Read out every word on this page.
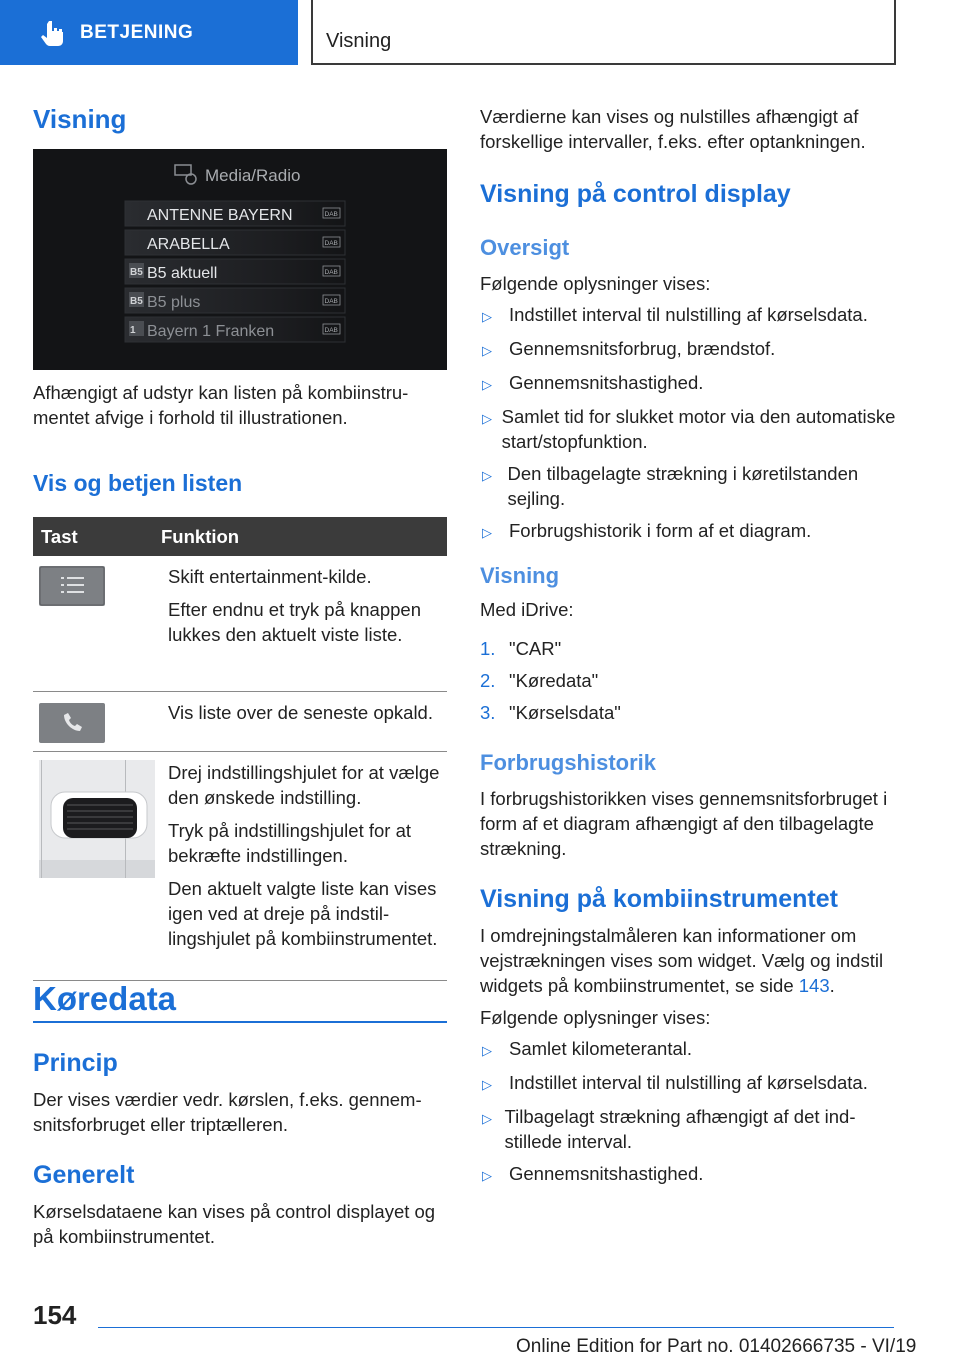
BETJENING	Visning
Visning
Media/Radio
ANTENNE BAYERN	DAB
ARABELLA	DAB
B5 B5 aktuell	DAB
B5 B5 plus	DAB
1 Bayern 1 Franken	DAB
Afhængigt af udstyr kan listen på kombiinstrumentet afvige i forhold til illustrationen.
Vis og betjen listen
Tast	Funktion
Skift entertainment-kilde.
Efter endnu et tryk på knappen lukkes den aktuelt viste liste.
Vis liste over de seneste opkald.
Drej indstillingshjulet for at vælge den ønskede indstilling.
Tryk på indstillingshjulet for at bekræfte indstillingen.
Den aktuelt valgte liste kan vises igen ved at dreje på indstillingshjulet på kombiinstrumentet.
Køredata
Princip
Der vises værdier vedr. kørslen, f.eks. gennemsnitsforbruget eller triptælleren.
Generelt
Kørselsdataene kan vises på control displayet og på kombiinstrumentet.
Værdierne kan vises og nulstilles afhængigt af forskellige intervaller, f.eks. efter optankningen.
Visning på control display
Oversigt
Følgende oplysninger vises:
▷ Indstillet interval til nulstilling af kørselsdata.
▷ Gennemsnitsforbrug, brændstof.
▷ Gennemsnitshastighed.
▷ Samlet tid for slukket motor via den automatiske start/stopfunktion.
▷ Den tilbagelagte strækning i køretilstanden sejling.
▷ Forbrugshistorik i form af et diagram.
Visning
Med iDrive:
1. "CAR"
2. "Køredata"
3. "Kørselsdata"
Forbrugshistorik
I forbrugshistorikken vises gennemsnitsforbruget i form af et diagram afhængigt af den tilbagelagte strækning.
Visning på kombiinstrumentet
I omdrejningstalmåleren kan informationer om vejstrækningen vises som widget. Vælg og indstil widgets på kombiinstrumentet, se side 143.
Følgende oplysninger vises:
▷ Samlet kilometerantal.
▷ Indstillet interval til nulstilling af kørselsdata.
▷ Tilbagelagt strækning afhængigt af det indstillede interval.
▷ Gennemsnitshastighed.
154
Online Edition for Part no. 01402666735 - VI/19
